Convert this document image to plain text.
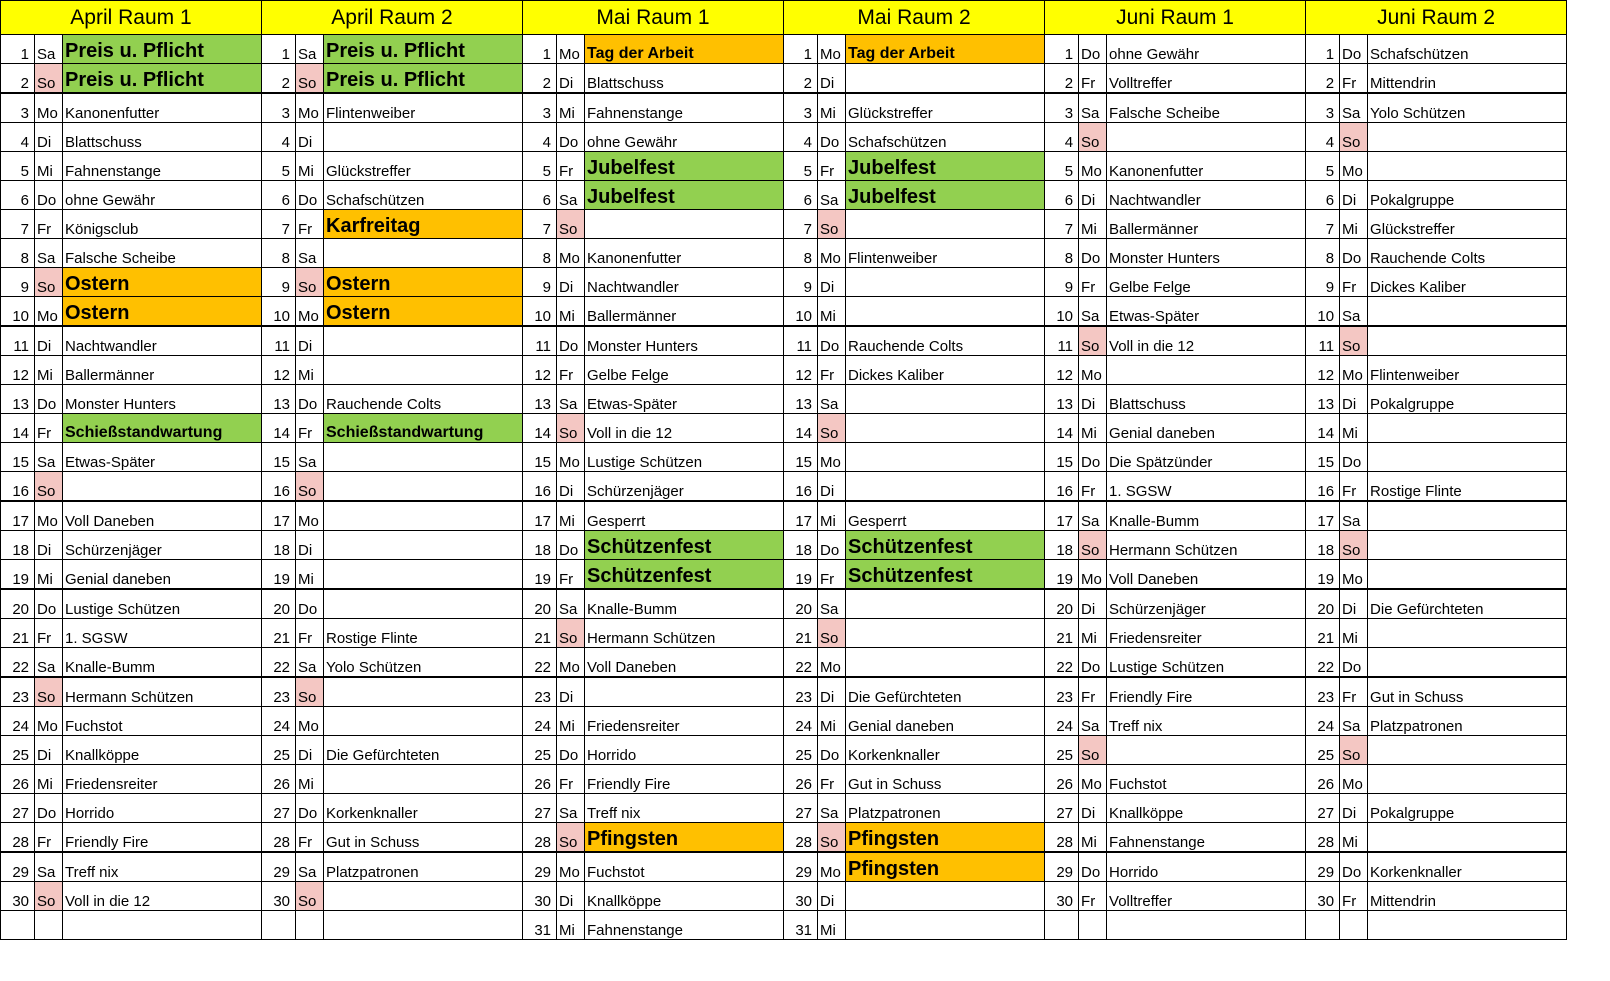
April Raum 1			April Raum 2			Mai Raum 1			Mai Raum 2			Juni Raum 1			Juni Raum 2		
1	Sa	Preis u. Pflicht	1	Sa	Preis u. Pflicht	1	Mo	Tag der Arbeit	1	Mo	Tag der Arbeit	1	Do	ohne Gewähr	1	Do	Schafschützen
2	So	Preis u. Pflicht	2	So	Preis u. Pflicht	2	Di	Blattschuss	2	Di		2	Fr	Volltreffer	2	Fr	Mittendrin
3	Mo	Kanonenfutter	3	Mo	Flintenweiber	3	Mi	Fahnenstange	3	Mi	Glückstreffer	3	Sa	Falsche Scheibe	3	Sa	Yolo Schützen
4	Di	Blattschuss	4	Di		4	Do	ohne Gewähr	4	Do	Schafschützen	4	So		4	So	
5	Mi	Fahnenstange	5	Mi	Glückstreffer	5	Fr	Jubelfest	5	Fr	Jubelfest	5	Mo	Kanonenfutter	5	Mo	
6	Do	ohne Gewähr	6	Do	Schafschützen	6	Sa	Jubelfest	6	Sa	Jubelfest	6	Di	Nachtwandler	6	Di	Pokalgruppe
7	Fr	Königsclub	7	Fr	Karfreitag	7	So		7	So		7	Mi	Ballermänner	7	Mi	Glückstreffer
8	Sa	Falsche Scheibe	8	Sa		8	Mo	Kanonenfutter	8	Mo	Flintenweiber	8	Do	Monster Hunters	8	Do	Rauchende Colts
9	So	Ostern	9	So	Ostern	9	Di	Nachtwandler	9	Di		9	Fr	Gelbe Felge	9	Fr	Dickes Kaliber
10	Mo	Ostern	10	Mo	Ostern	10	Mi	Ballermänner	10	Mi		10	Sa	Etwas-Später	10	Sa	
11	Di	Nachtwandler	11	Di		11	Do	Monster Hunters	11	Do	Rauchende Colts	11	So	Voll in die 12	11	So	
12	Mi	Ballermänner	12	Mi		12	Fr	Gelbe Felge	12	Fr	Dickes Kaliber	12	Mo		12	Mo	Flintenweiber
13	Do	Monster Hunters	13	Do	Rauchende Colts	13	Sa	Etwas-Später	13	Sa		13	Di	Blattschuss	13	Di	Pokalgruppe
14	Fr	Schießstandwartung	14	Fr	Schießstandwartung	14	So	Voll in die 12	14	So		14	Mi	Genial daneben	14	Mi	
15	Sa	Etwas-Später	15	Sa		15	Mo	Lustige Schützen	15	Mo		15	Do	Die Spätzünder	15	Do	
16	So		16	So		16	Di	Schürzenjäger	16	Di		16	Fr	1. SGSW	16	Fr	Rostige Flinte
17	Mo	Voll Daneben	17	Mo		17	Mi	Gesperrt	17	Mi	Gesperrt	17	Sa	Knalle-Bumm	17	Sa	
18	Di	Schürzenjäger	18	Di		18	Do	Schützenfest	18	Do	Schützenfest	18	So	Hermann Schützen	18	So	
19	Mi	Genial daneben	19	Mi		19	Fr	Schützenfest	19	Fr	Schützenfest	19	Mo	Voll Daneben	19	Mo	
20	Do	Lustige Schützen	20	Do		20	Sa	Knalle-Bumm	20	Sa		20	Di	Schürzenjäger	20	Di	Die Gefürchteten
21	Fr	1. SGSW	21	Fr	Rostige Flinte	21	So	Hermann Schützen	21	So		21	Mi	Friedensreiter	21	Mi	
22	Sa	Knalle-Bumm	22	Sa	Yolo Schützen	22	Mo	Voll Daneben	22	Mo		22	Do	Lustige Schützen	22	Do	
23	So	Hermann Schützen	23	So		23	Di		23	Di	Die Gefürchteten	23	Fr	Friendly Fire	23	Fr	Gut in Schuss
24	Mo	Fuchstot	24	Mo		24	Mi	Friedensreiter	24	Mi	Genial daneben	24	Sa	Treff nix	24	Sa	Platzpatronen
25	Di	Knallköppe	25	Di	Die Gefürchteten	25	Do	Horrido	25	Do	Korkenknaller	25	So		25	So	
26	Mi	Friedensreiter	26	Mi		26	Fr	Friendly Fire	26	Fr	Gut in Schuss	26	Mo	Fuchstot	26	Mo	
27	Do	Horrido	27	Do	Korkenknaller	27	Sa	Treff nix	27	Sa	Platzpatronen	27	Di	Knallköppe	27	Di	Pokalgruppe
28	Fr	Friendly Fire	28	Fr	Gut in Schuss	28	So	Pfingsten	28	So	Pfingsten	28	Mi	Fahnenstange	28	Mi	
29	Sa	Treff nix	29	Sa	Platzpatronen	29	Mo	Fuchstot	29	Mo	Pfingsten	29	Do	Horrido	29	Do	Korkenknaller
30	So	Voll in die 12	30	So		30	Di	Knallköppe	30	Di		30	Fr	Volltreffer	30	Fr	Mittendrin
						31	Mi	Fahnenstange	31	Mi							
